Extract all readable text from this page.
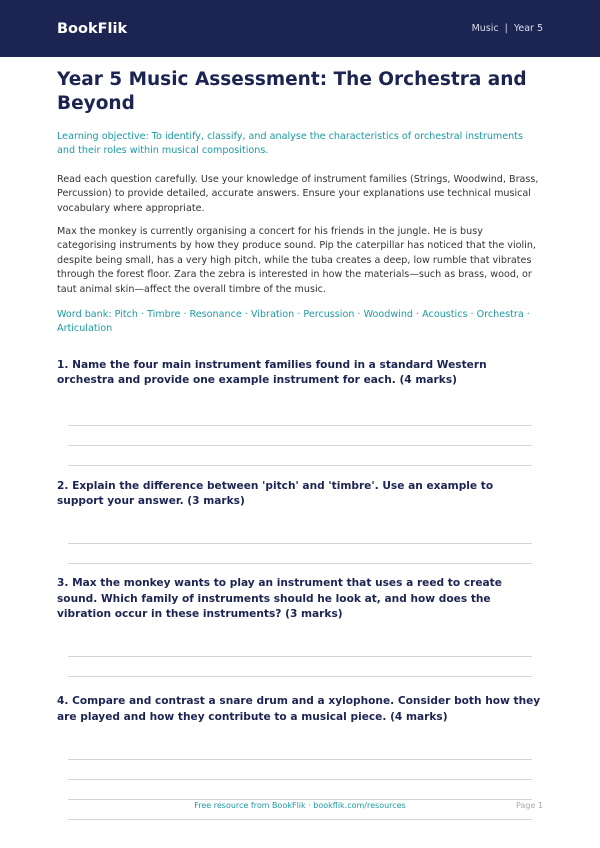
BookFlik	Music | Year 5
Year 5 Music Assessment: The Orchestra and Beyond
Learning objective: To identify, classify, and analyse the characteristics of orchestral instruments and their roles within musical compositions.
Read each question carefully. Use your knowledge of instrument families (Strings, Woodwind, Brass, Percussion) to provide detailed, accurate answers. Ensure your explanations use technical musical vocabulary where appropriate.
Max the monkey is currently organising a concert for his friends in the jungle. He is busy categorising instruments by how they produce sound. Pip the caterpillar has noticed that the violin, despite being small, has a very high pitch, while the tuba creates a deep, low rumble that vibrates through the forest floor. Zara the zebra is interested in how the materials—such as brass, wood, or taut animal skin—affect the overall timbre of the music.
Word bank: Pitch · Timbre · Resonance · Vibration · Percussion · Woodwind · Acoustics · Orchestra · Articulation
1. Name the four main instrument families found in a standard Western orchestra and provide one example instrument for each. (4 marks)
2. Explain the difference between 'pitch' and 'timbre'. Use an example to support your answer. (3 marks)
3. Max the monkey wants to play an instrument that uses a reed to create sound. Which family of instruments should he look at, and how does the vibration occur in these instruments? (3 marks)
4. Compare and contrast a snare drum and a xylophone. Consider both how they are played and how they contribute to a musical piece. (4 marks)
Free resource from BookFlik · bookflik.com/resources	Page 1
